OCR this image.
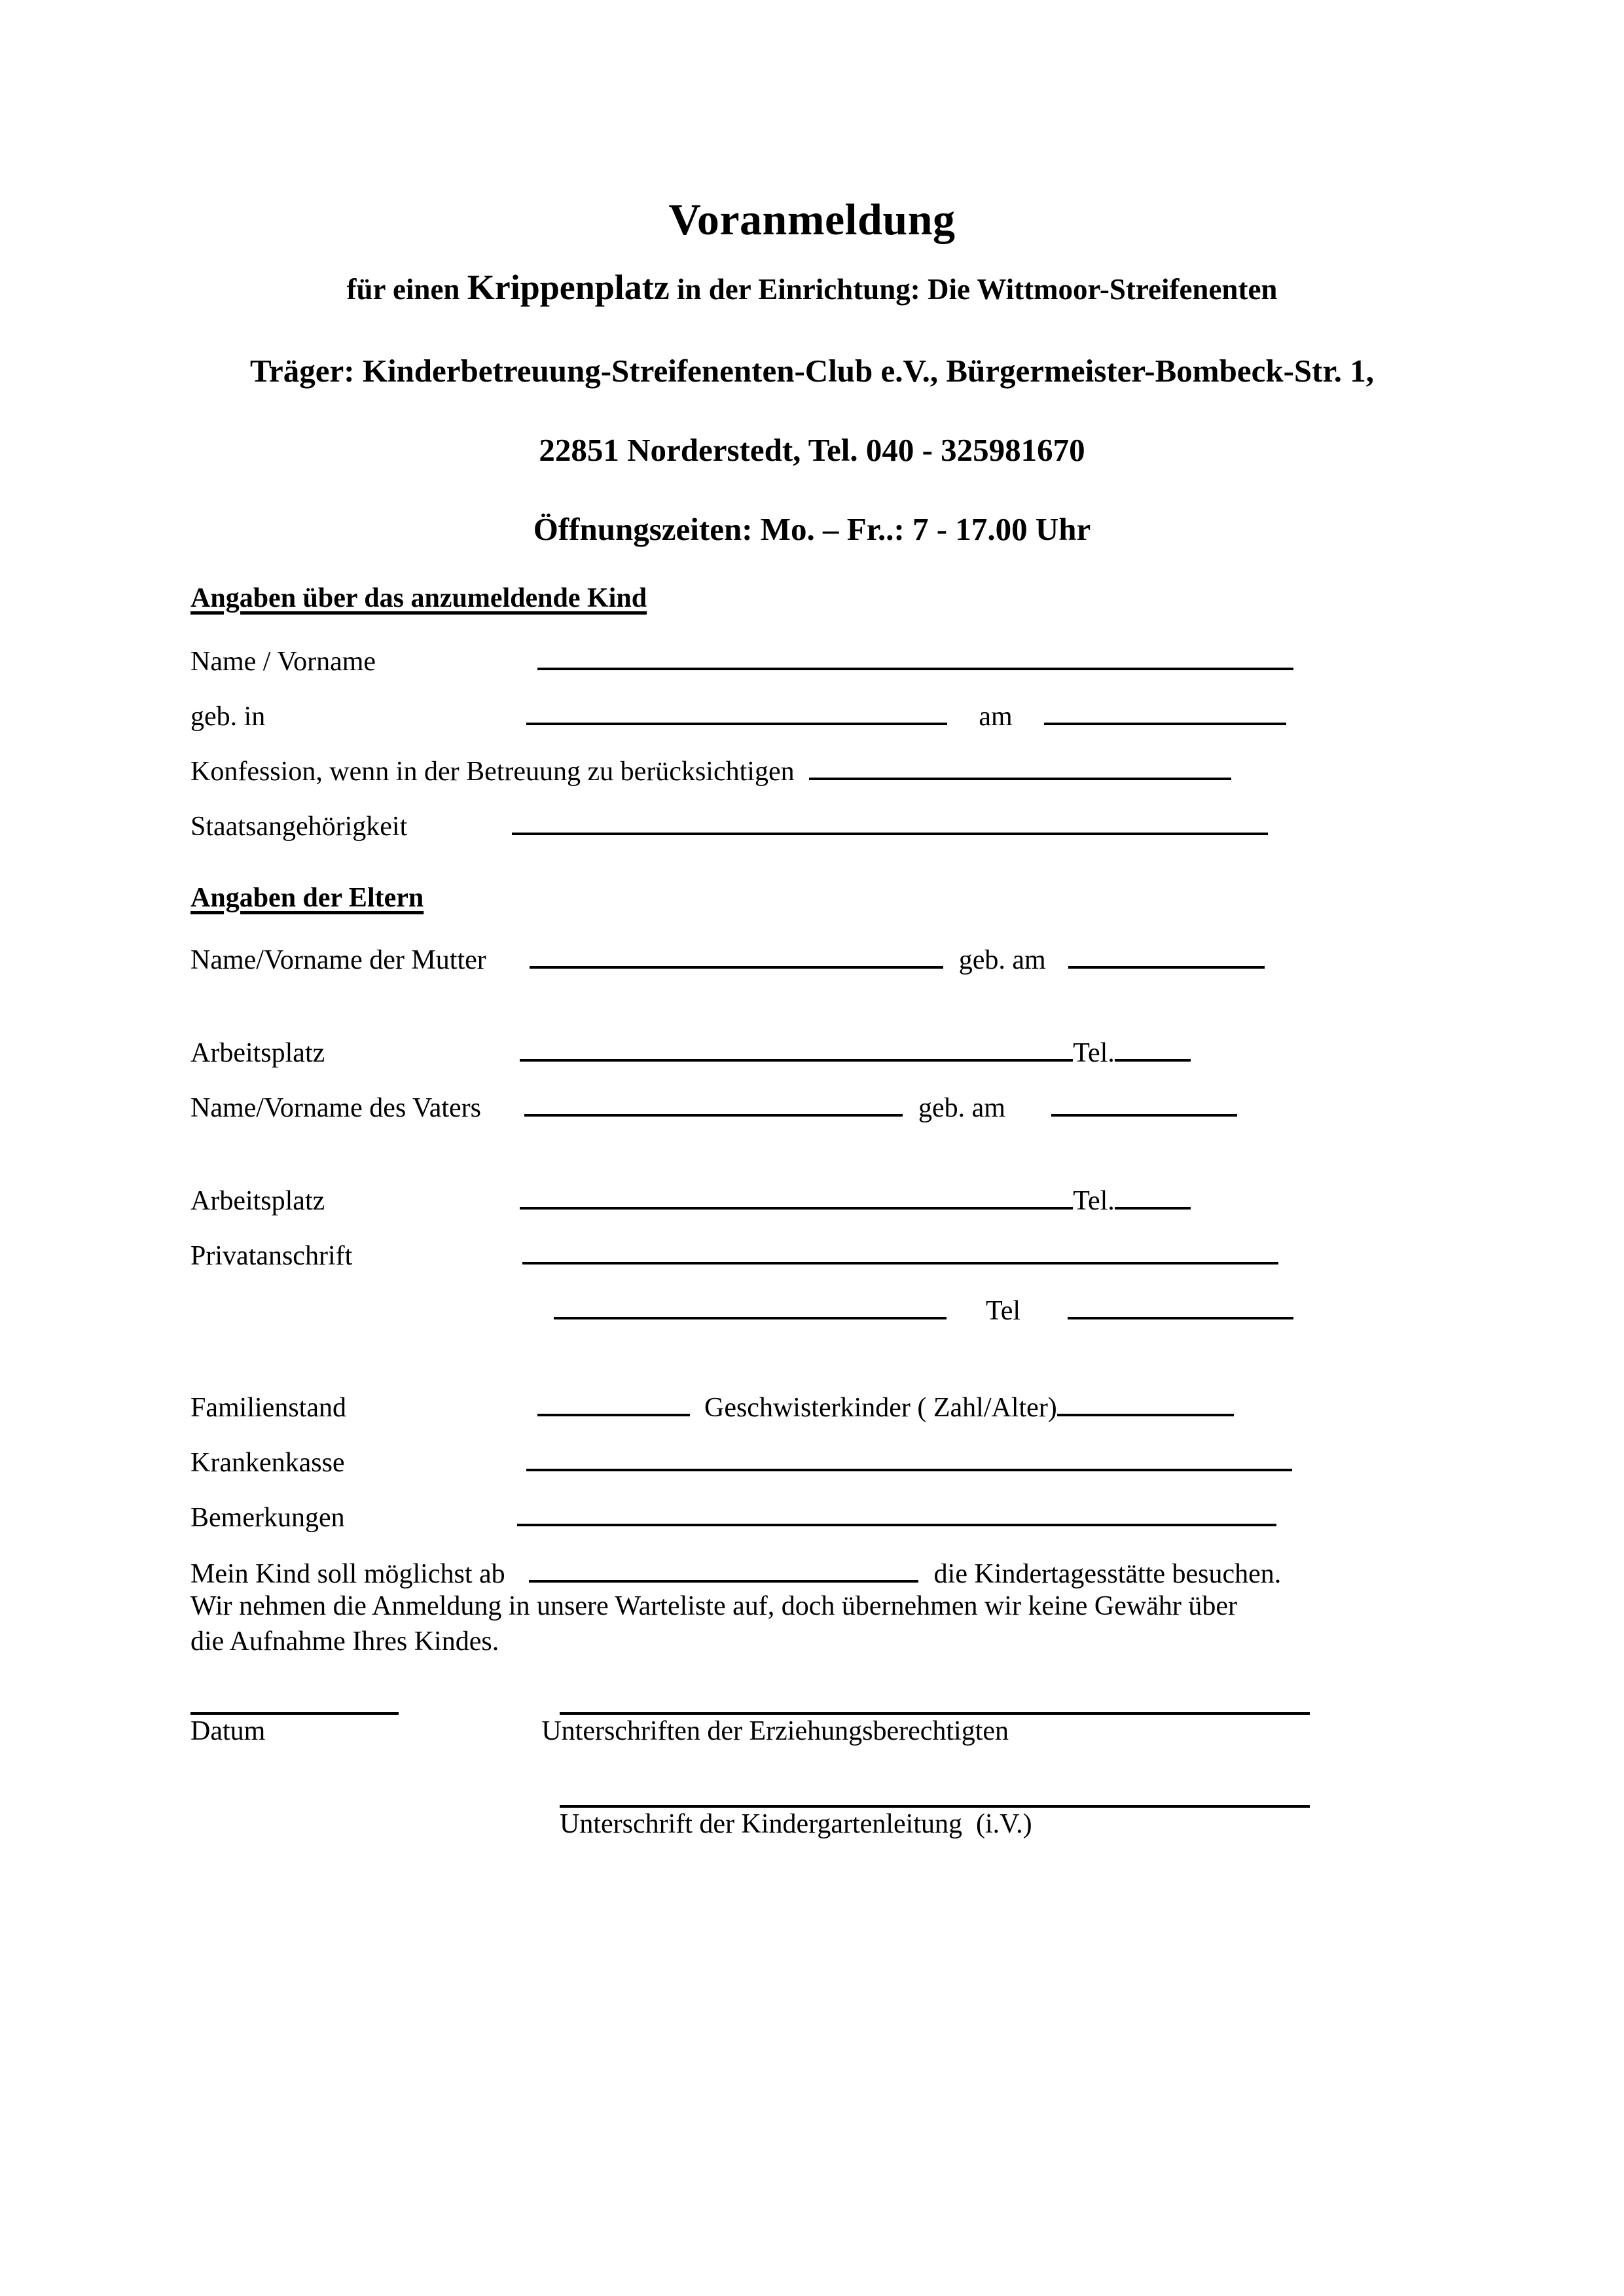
Voranmeldung
für einen Krippenplatz in der Einrichtung: Die Wittmoor-Streifenenten
Träger: Kinderbetreuung-Streifenenten-Club e.V., Bürgermeister-Bombeck-Str. 1,
22851 Norderstedt, Tel. 040 - 325981670
Öffnungszeiten: Mo. – Fr..: 7 - 17.00 Uhr
Angaben über das anzumeldende Kind
Name / Vorname
geb. in	am
Konfession, wenn in der Betreuung zu berücksichtigen
Staatsangehörigkeit
Angaben der Eltern
Name/Vorname der Mutter	geb. am
Arbeitsplatz	Tel.
Name/Vorname des Vaters	geb. am
Arbeitsplatz	Tel.
Privatanschrift
Tel
Familienstand	Geschwisterkinder ( Zahl/Alter)
Krankenkasse
Bemerkungen
Mein Kind soll möglichst ab	die Kindertagesstätte besuchen.
Wir nehmen die Anmeldung in unsere Warteliste auf, doch übernehmen wir keine Gewähr über
die Aufnahme Ihres Kindes.
Datum	Unterschriften der Erziehungsberechtigten
Unterschrift der Kindergartenleitung  (i.V.)
